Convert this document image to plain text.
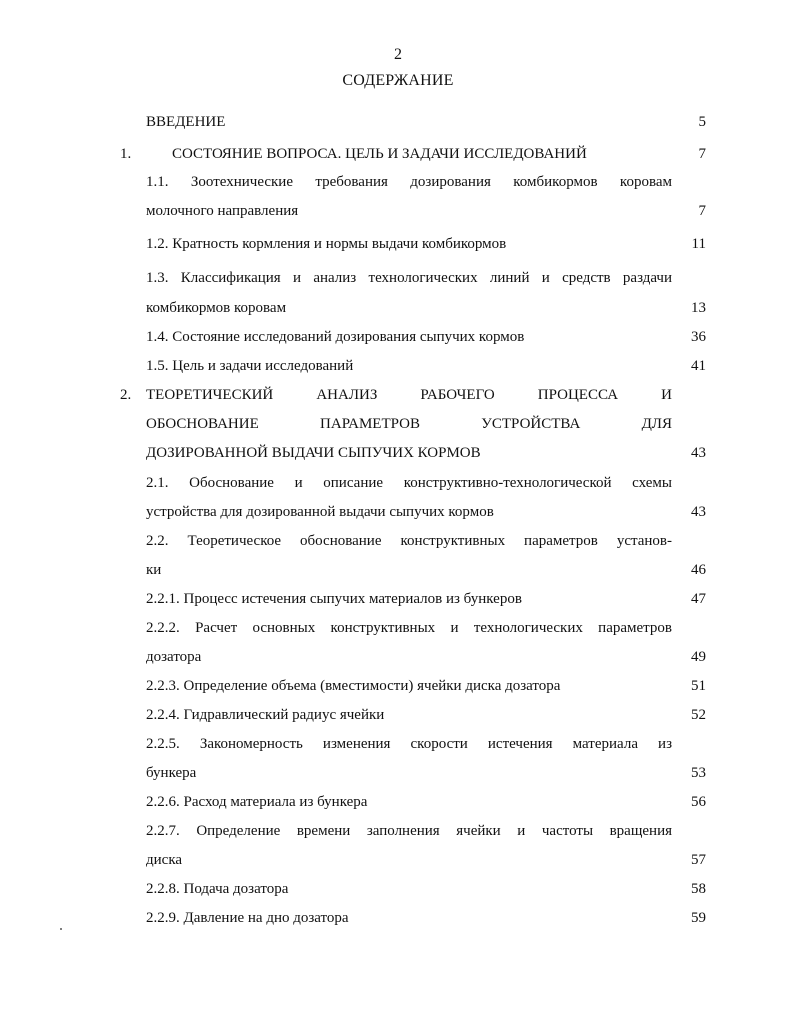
2
СОДЕРЖАНИЕ
ВВЕДЕНИЕ	5
1.	СОСТОЯНИЕ ВОПРОСА. ЦЕЛЬ И ЗАДАЧИ ИССЛЕДОВАНИЙ	7
1.1. Зоотехнические требования дозирования комбикормов коровам
молочного направления	7
1.2. Кратность кормления и нормы выдачи комбикормов	11
1.3. Классификация и анализ технологических линий и средств раздачи
комбикормов коровам	13
1.4. Состояние исследований дозирования сыпучих кормов	36
1.5. Цель и задачи исследований	41
2. ТЕОРЕТИЧЕСКИЙ АНАЛИЗ РАБОЧЕГО ПРОЦЕССА И
ОБОСНОВАНИЕ ПАРАМЕТРОВ УСТРОЙСТВА ДЛЯ
ДОЗИРОВАННОЙ ВЫДАЧИ СЫПУЧИХ КОРМОВ	43
2.1. Обоснование и описание конструктивно-технологической схемы
устройства для дозированной выдачи сыпучих кормов	43
2.2. Теоретическое обоснование конструктивных параметров установ-
ки	46
2.2.1. Процесс истечения сыпучих материалов из бункеров	47
2.2.2. Расчет основных конструктивных и технологических параметров
дозатора	49
2.2.3. Определение объема (вместимости) ячейки диска дозатора	51
2.2.4. Гидравлический радиус ячейки	52
2.2.5. Закономерность изменения скорости истечения материала из
бункера	53
2.2.6. Расход материала из бункера	56
2.2.7. Определение времени заполнения ячейки и частоты вращения
диска	57
2.2.8. Подача дозатора	58
2.2.9. Давление на дно дозатора	59
